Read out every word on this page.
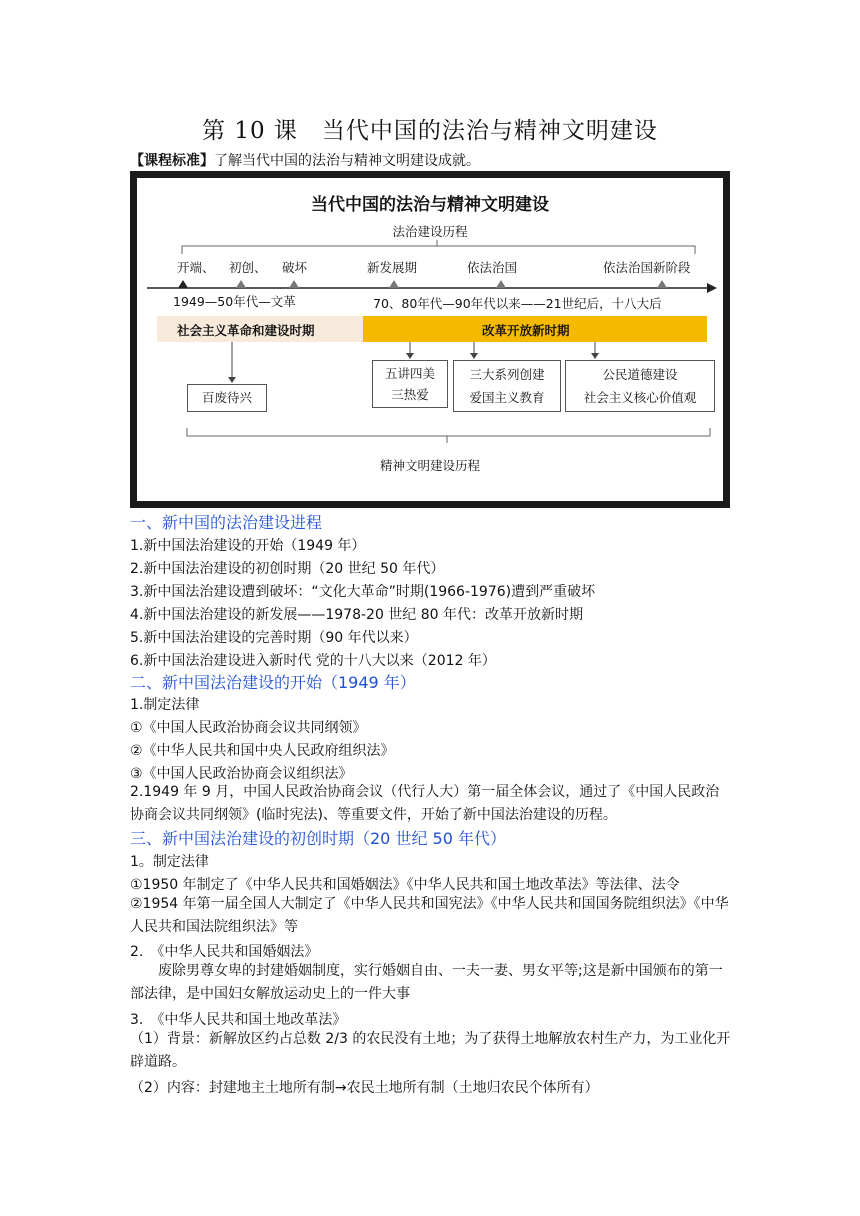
第 10 课　当代中国的法治与精神文明建设
【课程标准】了解当代中国的法治与精神文明建设成就。
当代中国的法治与精神文明建设
法治建设历程
开端、 初创、 破坏	新发展期	依法治国	依法治国新阶段
1949—50年代—文革	70、80年代—90年代以来——21世纪后，十八大后
社会主义革命和建设时期	改革开放新时期
百废待兴
五讲四美
三热爱
三大系列创建
爱国主义教育
公民道德建设
社会主义核心价值观
精神文明建设历程
一、新中国的法治建设进程
1.新中国法治建设的开始（1949 年）
2.新中国法治建设的初创时期（20 世纪 50 年代）
3.新中国法治建设遭到破坏：“文化大革命”时期(1966-1976)遭到严重破坏
4.新中国法治建设的新发展——1978-20 世纪 80 年代：改革开放新时期
5.新中国法治建设的完善时期（90 年代以来）
6.新中国法治建设进入新时代 党的十八大以来（2012 年）
二、新中国法治建设的开始（1949 年）
1.制定法律
①《中国人民政治协商会议共同纲领》
②《中华人民共和国中央人民政府组织法》
③《中国人民政治协商会议组织法》
2.1949 年 9 月，中国人民政治协商会议（代行人大）第一届全体会议，通过了《中国人民政治协商会议共同纲领》(临时宪法)、等重要文件，开始了新中国法治建设的历程。
三、新中国法治建设的初创时期（20 世纪 50 年代）
1。制定法律
①1950 年制定了《中华人民共和国婚姻法》《中华人民共和国土地改革法》等法律、法令
②1954 年第一届全国人大制定了《中华人民共和国宪法》《中华人民共和国国务院组织法》《中华人民共和国法院组织法》等
2.　《中华人民共和国婚姻法》
废除男尊女卑的封建婚姻制度，实行婚姻自由、一夫一妻、男女平等;这是新中国颁布的第一部法律，是中国妇女解放运动史上的一件大事
3.　《中华人民共和国土地改革法》
（1）背景：新解放区约占总数 2/3 的农民没有土地；为了获得土地解放农村生产力，为工业化开辟道路。
（2）内容：封建地主土地所有制→农民土地所有制（土地归农民个体所有）
